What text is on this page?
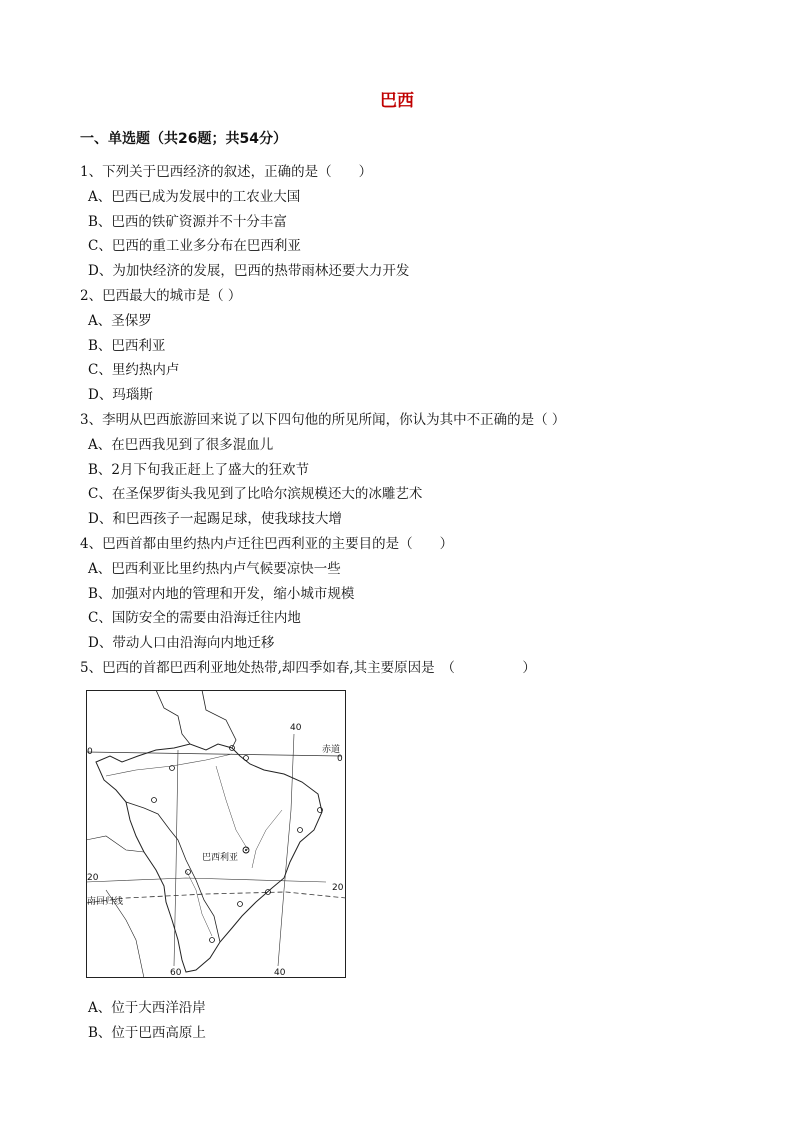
巴西
一、单选题（共26题；共54分）
1、下列关于巴西经济的叙述，正确的是（　　）
A、巴西已成为发展中的工农业大国
B、巴西的铁矿资源并不十分丰富
C、巴西的重工业多分布在巴西利亚
D、为加快经济的发展，巴西的热带雨林还要大力开发
2、巴西最大的城市是（ ）
A、圣保罗
B、巴西利亚
C、里约热内卢
D、玛瑙斯
3、李明从巴西旅游回来说了以下四句他的所见所闻，你认为其中不正确的是（ ）
A、在巴西我见到了很多混血儿
B、2月下旬我正赶上了盛大的狂欢节
C、在圣保罗街头我见到了比哈尔滨规模还大的冰雕艺术
D、和巴西孩子一起踢足球，使我球技大增
4、巴西首都由里约热内卢迁往巴西利亚的主要目的是（　　）
A、巴西利亚比里约热内卢气候要凉快一些
B、加强对内地的管理和开发，缩小城市规模
C、国防安全的需要由沿海迁往内地
D、带动人口由沿海向内地迁移
5、巴西的首都巴西利亚地处热带,却四季如春,其主要原因是　（　　　　　）
40
0	赤道
0
巴西利亚
20
20
南回归线
60	40
A、位于大西洋沿岸
B、位于巴西高原上
